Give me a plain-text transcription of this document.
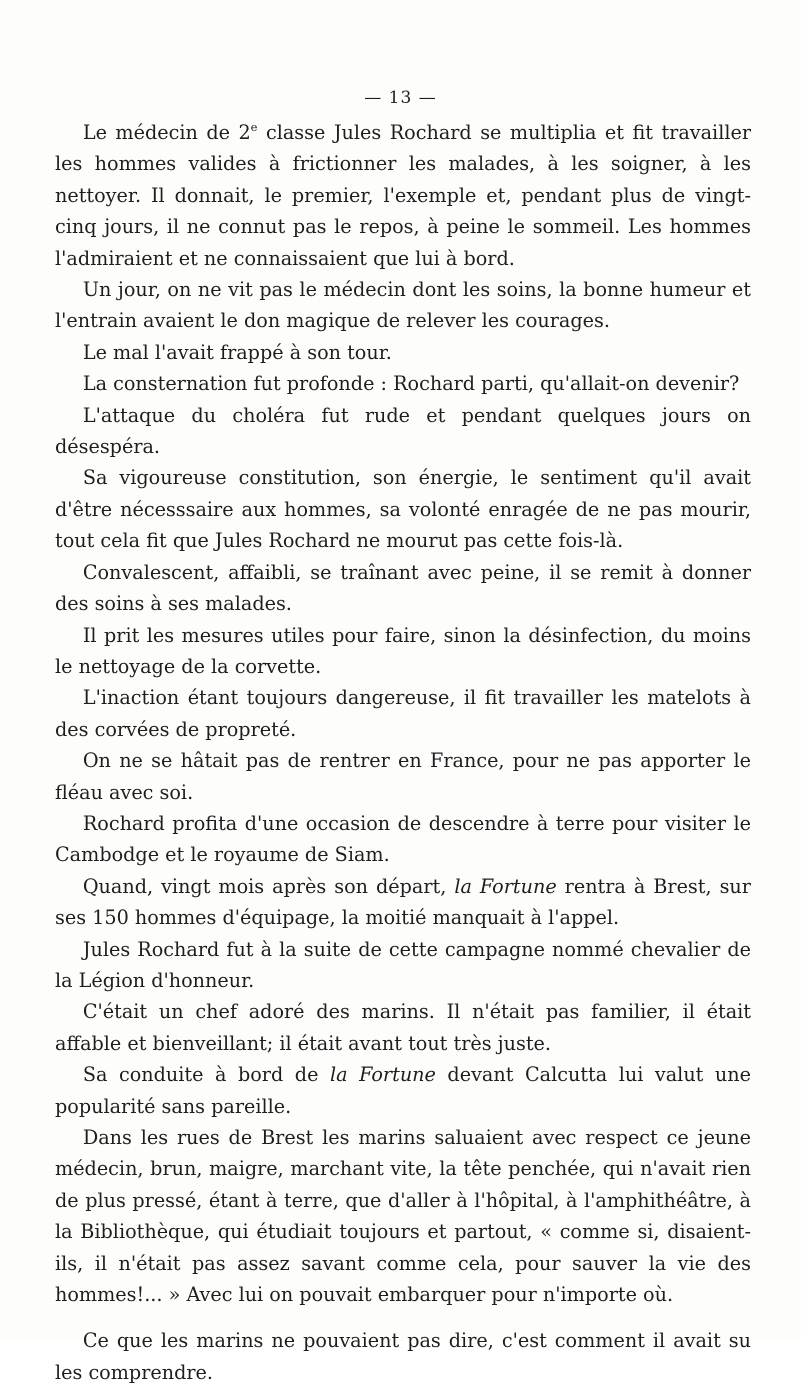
— 13 —

Le médecin de 2e classe Jules Rochard se multiplia et fit travailler les hommes valides à frictionner les malades, à les soigner, à les nettoyer. Il donnait, le premier, l'exemple et, pendant plus de vingt-cinq jours, il ne connut pas le repos, à peine le sommeil. Les hommes l'admiraient et ne connaissaient que lui à bord.

Un jour, on ne vit pas le médecin dont les soins, la bonne humeur et l'entrain avaient le don magique de relever les courages.

Le mal l'avait frappé à son tour.

La consternation fut profonde : Rochard parti, qu'allait-on devenir?

L'attaque du choléra fut rude et pendant quelques jours on désespéra.

Sa vigoureuse constitution, son énergie, le sentiment qu'il avait d'être nécesssaire aux hommes, sa volonté enragée de ne pas mourir, tout cela fit que Jules Rochard ne mourut pas cette fois-là.

Convalescent, affaibli, se traînant avec peine, il se remit à donner des soins à ses malades.

Il prit les mesures utiles pour faire, sinon la désinfection, du moins le nettoyage de la corvette.

L'inaction étant toujours dangereuse, il fit travailler les matelots à des corvées de propreté.

On ne se hâtait pas de rentrer en France, pour ne pas apporter le fléau avec soi.

Rochard profita d'une occasion de descendre à terre pour visiter le Cambodge et le royaume de Siam.

Quand, vingt mois après son départ, la Fortune rentra à Brest, sur ses 150 hommes d'équipage, la moitié manquait à l'appel.

Jules Rochard fut à la suite de cette campagne nommé chevalier de la Légion d'honneur.

C'était un chef adoré des marins. Il n'était pas familier, il était affable et bienveillant; il était avant tout très juste.

Sa conduite à bord de la Fortune devant Calcutta lui valut une popularité sans pareille.

Dans les rues de Brest les marins saluaient avec respect ce jeune médecin, brun, maigre, marchant vite, la tête penchée, qui n'avait rien de plus pressé, étant à terre, que d'aller à l'hôpital, à l'amphithéâtre, à la Bibliothèque, qui étudiait toujours et partout, « comme si, disaient-ils, il n'était pas assez savant comme cela, pour sauver la vie des hommes!... » Avec lui on pouvait embarquer pour n'importe où.

Ce que les marins ne pouvaient pas dire, c'est comment il avait su les comprendre.
